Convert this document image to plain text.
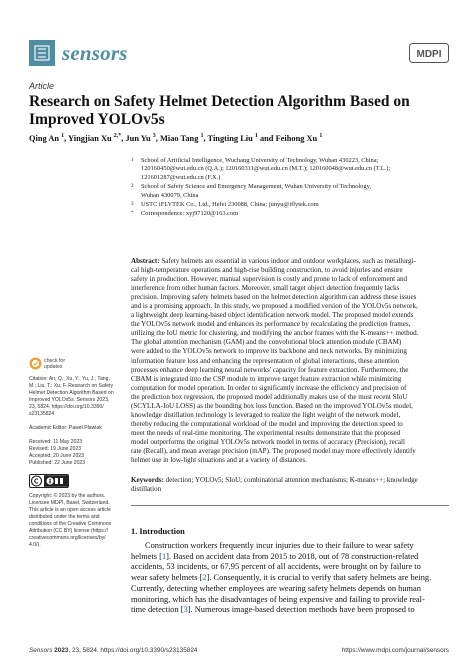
sensors	MDPI
Article
Research on Safety Helmet Detection Algorithm Based on
Improved YOLOv5s
Qing An $^1$, Yingjian Xu $^{2,*}$, Jun Yu $^3$, Miao Tang $^1$, Tingting Liu $^1$ and Feihong Xu $^1$
1 School of Artificial Intelligence, Wuchang University of Technology, Wuhan 430223, China;
120160450@wut.edu.cn (Q.A.); 120160311@wut.edu.cn (M.T.); 120160048@wut.edu.cn (T.L.);
121601287@wut.edu.cn (F.X.)
2 School of Safety Science and Emergency Management, Wuhan University of Technology,
Wuhan 430079, China
3 USTC iFLYTEK Co., Ltd., Hefei 230088, China; junyu@iflytek.com
* Correspondence: xyj97120@163.com
Abstract: Safety helmets are essential in various indoor and outdoor workplaces, such as metallurgi-
cal high-temperature operations and high-rise building construction, to avoid injuries and ensure
safety in production. However, manual supervision is costly and prone to lack of enforcement and
interference from other human factors. Moreover, small target object detection frequently lacks
precision. Improving safety helmets based on the helmet detection algorithm can address these issues
and is a promising approach. In this study, we proposed a modified version of the YOLOv5s network,
a lightweight deep learning-based object identification network model. The proposed model extends
the YOLOv5s network model and enhances its performance by recalculating the prediction frames,
utilizing the IoU metric for clustering, and modifying the anchor frames with the K-means++ method.
The global attention mechanism (GAM) and the convolutional block attention module (CBAM)
were added to the YOLOv5s network to improve its backbone and neck networks. By minimizing
information feature loss and enhancing the representation of global interactions, these attention
processes enhance deep learning neural networks' capacity for feature extraction. Furthermore, the
CBAM is integrated into the CSP module to improve target feature extraction while minimizing
computation for model operation. In order to significantly increase the efficiency and precision of
the prediction box regression, the proposed model additionally makes use of the most recent SIoU
(SCYLLA-IoU LOSS) as the bounding box loss function. Based on the improved YOLOv5s model,
knowledge distillation technology is leveraged to realize the light weight of the network model,
thereby reducing the computational workload of the model and improving the detection speed to
meet the needs of real-time monitoring. The experimental results demonstrate that the proposed
model outperforms the original YOLOv5s network model in terms of accuracy (Precision), recall
rate (Recall), and mean average precision (mAP). The proposed model may more effectively identify
helmet use in low-light situations and at a variety of distances.
Keywords: detection; YOLOv5; SIoU; combinatorial attention mechanisms; K-means++; knowledge
distillation
1. Introduction
Construction workers frequently incur injuries due to their failure to wear safety
helmets [1]. Based on accident data from 2015 to 2018, out of 78 construction-related
accidents, 53 incidents, or 67.95 percent of all accidents, were brought on by failure to
wear safety helmets [2]. Consequently, it is crucial to verify that safety helmets are being.
Currently, detecting whether employees are wearing safety helmets depends on human
monitoring, which has the disadvantages of being expensive and failing to provide real-
time detection [3]. Numerous image-based detection methods have been proposed to
check for
updates
Citation: An, Q.; Xu, Y.; Yu, J.; Tang,
M.; Liu, T.; Xu, F. Research on Safety
Helmet Detection Algorithm Based on
Improved YOLOv5s. Sensors 2023,
23, 5824. https://doi.org/10.3390/
s23135824
Academic Editor: Pawel Pławiak
Received: 11 May 2023
Revised: 19 June 2023
Accepted: 20 June 2023
Published: 22 June 2023
Copyright: © 2023 by the authors.
Licensee MDPI, Basel, Switzerland.
This article is an open access article
distributed under the terms and
conditions of the Creative Commons
Attribution (CC BY) license (https://
creativecommons.org/licenses/by/
4.0/).
Sensors 2023, 23, 5824. https://doi.org/10.3390/s23135824	https://www.mdpi.com/journal/sensors
